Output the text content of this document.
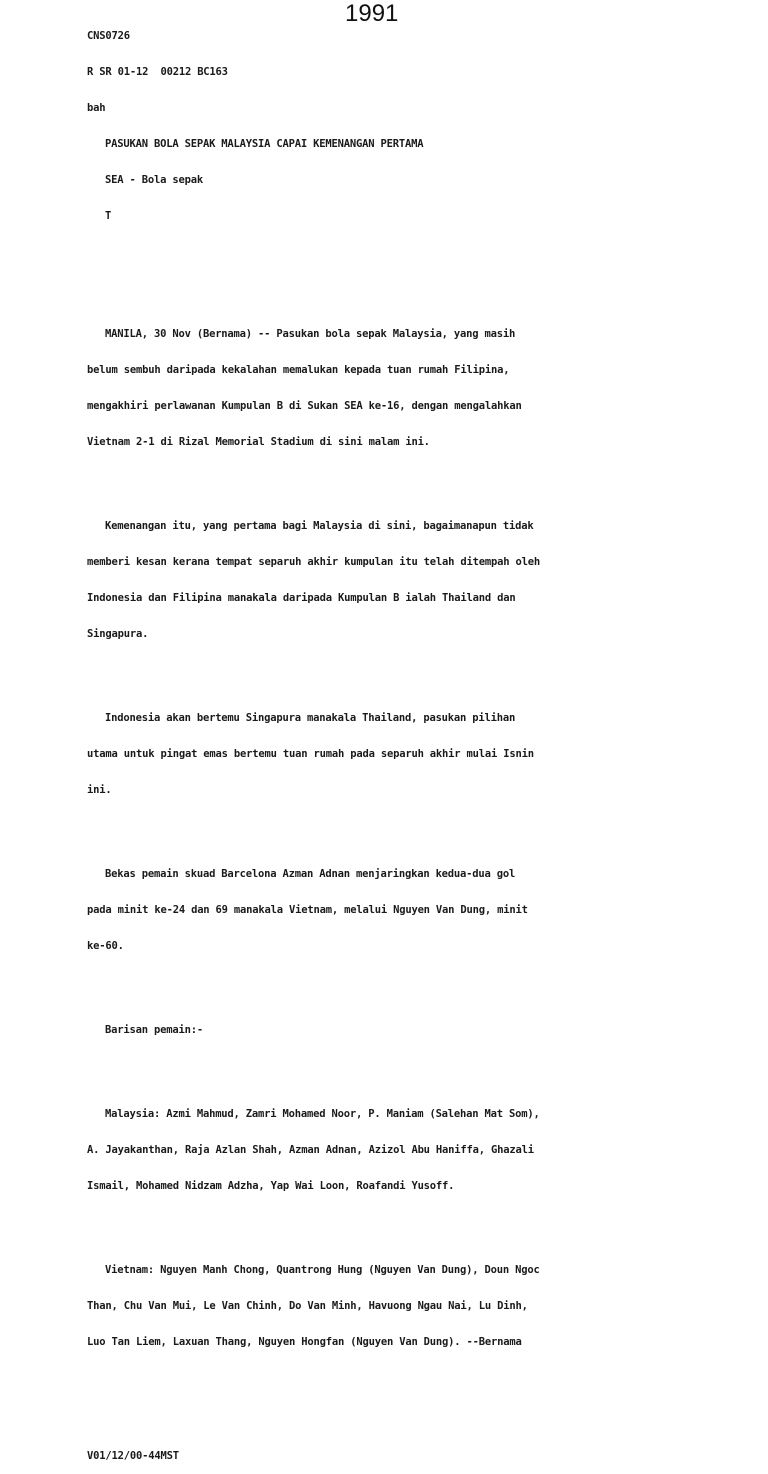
1991

CNS0726

R SR 01-12  00212 BC163

bah

PASUKAN BOLA SEPAK MALAYSIA CAPAI KEMENANGAN PERTAMA

SEA - Bola sepak

T

MANILA, 30 Nov (Bernama) -- Pasukan bola sepak Malaysia, yang masih

belum sembuh daripada kekalahan memalukan kepada tuan rumah Filipina,

mengakhiri perlawanan Kumpulan B di Sukan SEA ke-16, dengan mengalahkan

Vietnam 2-1 di Rizal Memorial Stadium di sini malam ini.

Kemenangan itu, yang pertama bagi Malaysia di sini, bagaimanapun tidak

memberi kesan kerana tempat separuh akhir kumpulan itu telah ditempah oleh

Indonesia dan Filipina manakala daripada Kumpulan B ialah Thailand dan

Singapura.

Indonesia akan bertemu Singapura manakala Thailand, pasukan pilihan

utama untuk pingat emas bertemu tuan rumah pada separuh akhir mulai Isnin

ini.

Bekas pemain skuad Barcelona Azman Adnan menjaringkan kedua-dua gol

pada minit ke-24 dan 69 manakala Vietnam, melalui Nguyen Van Dung, minit

ke-60.

Barisan pemain:-

Malaysia: Azmi Mahmud, Zamri Mohamed Noor, P. Maniam (Salehan Mat Som),

A. Jayakanthan, Raja Azlan Shah, Azman Adnan, Azizol Abu Haniffa, Ghazali

Ismail, Mohamed Nidzam Adzha, Yap Wai Loon, Roafandi Yusoff.

Vietnam: Nguyen Manh Chong, Quantrong Hung (Nguyen Van Dung), Doun Ngoc

Than, Chu Van Mui, Le Van Chinh, Do Van Minh, Havuong Ngau Nai, Lu Dinh,

Luo Tan Liem, Laxuan Thang, Nguyen Hongfan (Nguyen Van Dung). --Bernama

V01/12/00-44MST
